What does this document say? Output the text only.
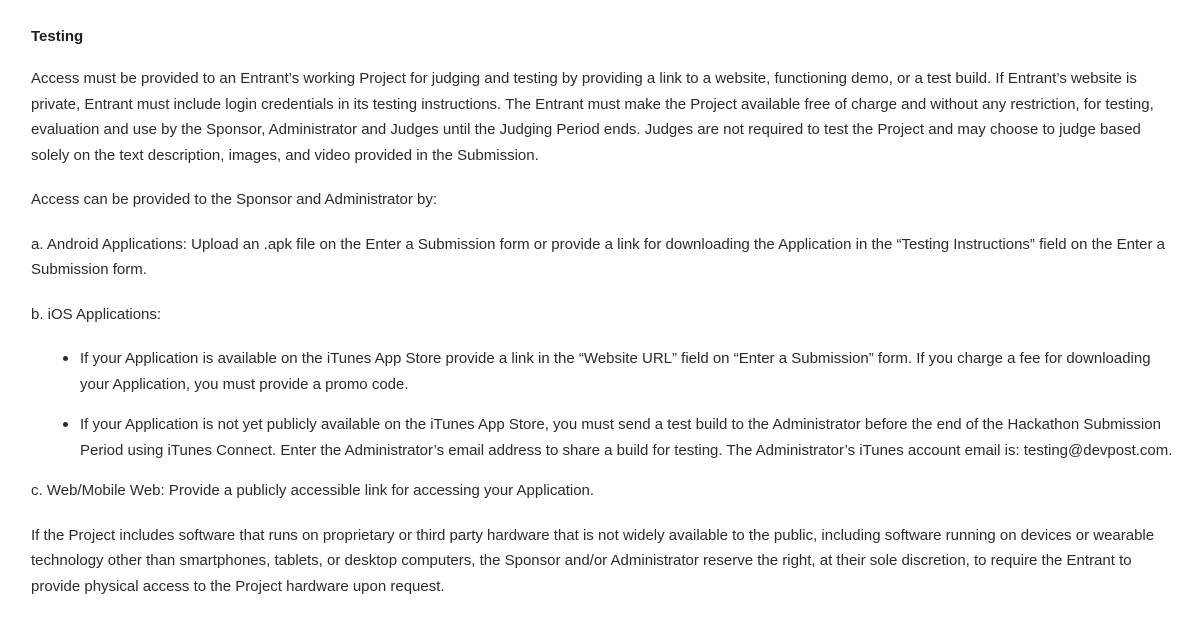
Testing

Access must be provided to an Entrant’s working Project for judging and testing by providing a link to a website, functioning demo, or a test build. If Entrant’s website is private, Entrant must include login credentials in its testing instructions. The Entrant must make the Project available free of charge and without any restriction, for testing, evaluation and use by the Sponsor, Administrator and Judges until the Judging Period ends. Judges are not required to test the Project and may choose to judge based solely on the text description, images, and video provided in the Submission.

Access can be provided to the Sponsor and Administrator by:

a. Android Applications: Upload an .apk file on the Enter a Submission form or provide a link for downloading the Application in the “Testing Instructions” field on the Enter a Submission form.

b. iOS Applications:

If your Application is available on the iTunes App Store provide a link in the “Website URL” field on “Enter a Submission” form. If you charge a fee for downloading your Application, you must provide a promo code.
If your Application is not yet publicly available on the iTunes App Store, you must send a test build to the Administrator before the end of the Hackathon Submission Period using iTunes Connect. Enter the Administrator’s email address to share a build for testing. The Administrator’s iTunes account email is: testing@devpost.com.

c. Web/Mobile Web: Provide a publicly accessible link for accessing your Application.

If the Project includes software that runs on proprietary or third party hardware that is not widely available to the public, including software running on devices or wearable technology other than smartphones, tablets, or desktop computers, the Sponsor and/or Administrator reserve the right, at their sole discretion, to require the Entrant to provide physical access to the Project hardware upon request.
